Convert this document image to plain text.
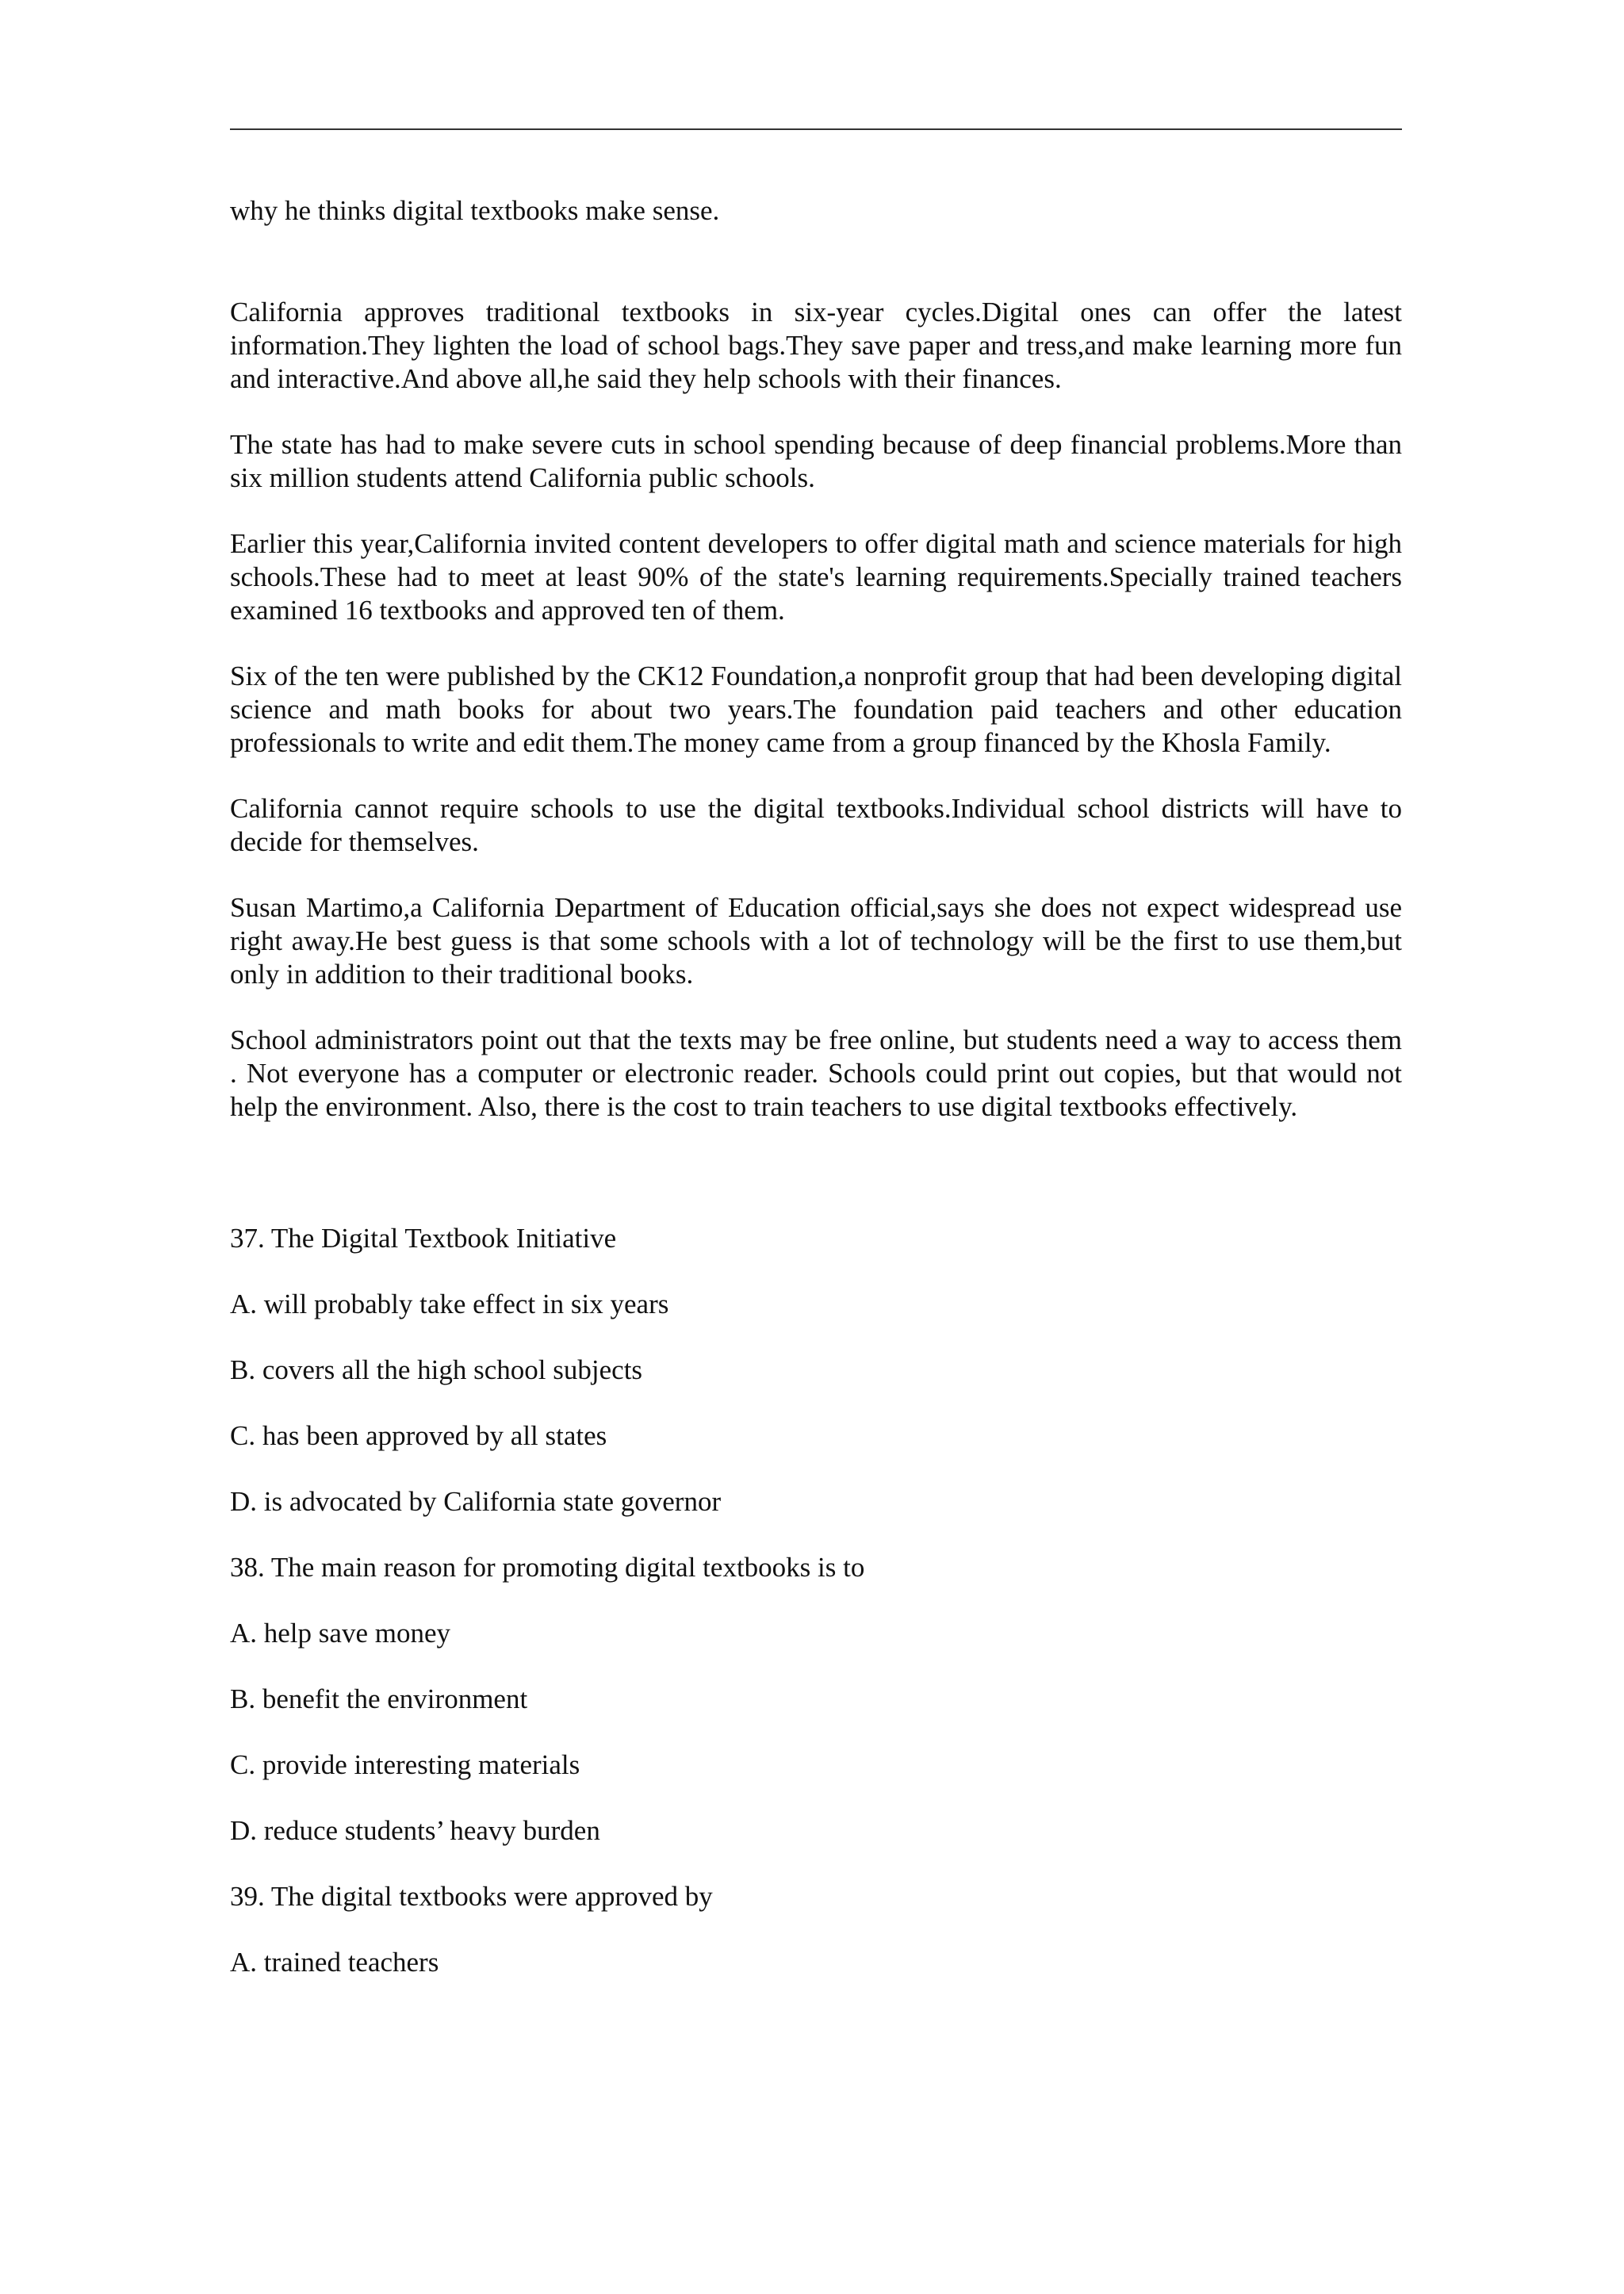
why he thinks digital textbooks make sense.

California approves traditional textbooks in six-year cycles.Digital ones can offer the latest information.They lighten the load of school bags.They save paper and tress,and make learning more fun and interactive.And above all,he said they help schools with their finances.

The state has had to make severe cuts in school spending because of deep financial problems.More than six million students attend California public schools.

Earlier this year,California invited content developers to offer digital math and science materials for high schools.These had to meet at least 90% of the state's learning requirements.Specially trained teachers examined 16 textbooks and approved ten of them.

Six of the ten were published by the CK12 Foundation,a nonprofit group that had been developing digital science and math books for about two years.The foundation paid teachers and other education professionals to write and edit them.The money came from a group financed by the Khosla Family.

California cannot require schools to use the digital textbooks.Individual school districts will have to decide for themselves.

Susan Martimo,a California Department of Education official,says she does not expect widespread use right away.He best guess is that some schools with a lot of technology will be the first to use them,but only in addition to their traditional books.

School administrators point out that the texts may be free online, but students need a way to access them . Not everyone has a computer or electronic reader. Schools could print out copies, but that would not help the environment. Also, there is the cost to train teachers to use digital textbooks effectively.

37. The Digital Textbook Initiative

A. will probably take effect in six years

B. covers all the high school subjects

C. has been approved by all states

D. is advocated by California state governor

38. The main reason for promoting digital textbooks is to

A. help save money

B. benefit the environment

C. provide interesting materials

D. reduce students’ heavy burden

39. The digital textbooks were approved by

A. trained teachers
